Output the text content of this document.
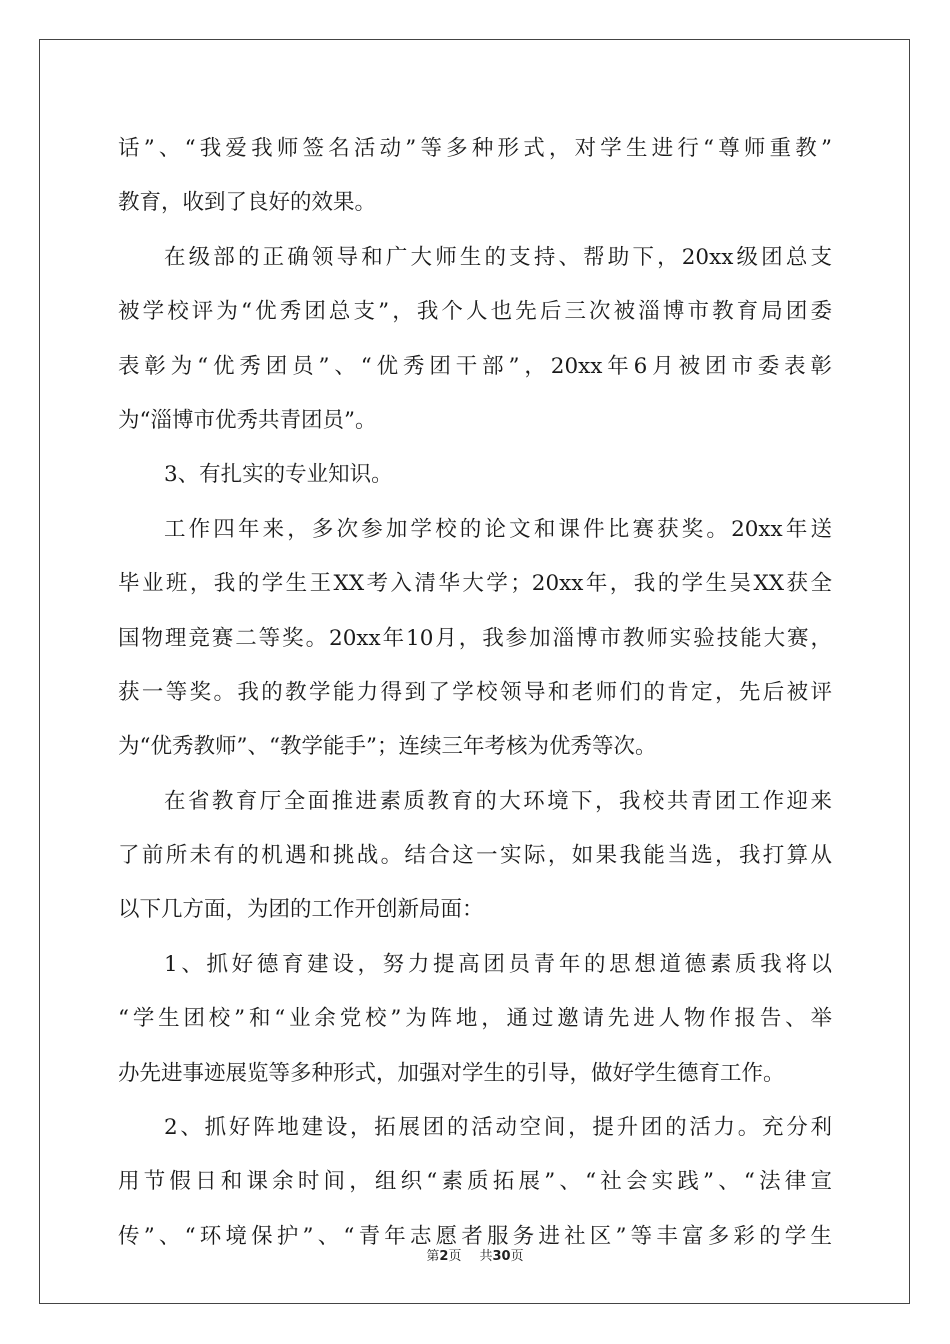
话”、“我爱我师签名活动”等多种形式，对学生进行“尊师重教”
教育，收到了良好的效果。
在级部的正确领导和广大师生的支持、帮助下，20xx级团总支
被学校评为“优秀团总支”，我个人也先后三次被淄博市教育局团委
表彰为“优秀团员”、“优秀团干部”，20xx年6月被团市委表彰
为“淄博市优秀共青团员”。
3、有扎实的专业知识。
工作四年来，多次参加学校的论文和课件比赛获奖。20xx年送
毕业班，我的学生王XX考入清华大学；20xx年，我的学生吴XX获全
国物理竞赛二等奖。20xx年10月，我参加淄博市教师实验技能大赛，
获一等奖。我的教学能力得到了学校领导和老师们的肯定，先后被评
为“优秀教师”、“教学能手”；连续三年考核为优秀等次。
在省教育厅全面推进素质教育的大环境下，我校共青团工作迎来
了前所未有的机遇和挑战。结合这一实际，如果我能当选，我打算从
以下几方面，为团的工作开创新局面：
1、抓好德育建设，努力提高团员青年的思想道德素质我将以
“学生团校”和“业余党校”为阵地，通过邀请先进人物作报告、举
办先进事迹展览等多种形式，加强对学生的引导，做好学生德育工作。
2、抓好阵地建设，拓展团的活动空间，提升团的活力。充分利
用节假日和课余时间，组织“素质拓展”、“社会实践”、“法律宣
传”、“环境保护”、“青年志愿者服务进社区”等丰富多彩的学生
第2页 共30页
